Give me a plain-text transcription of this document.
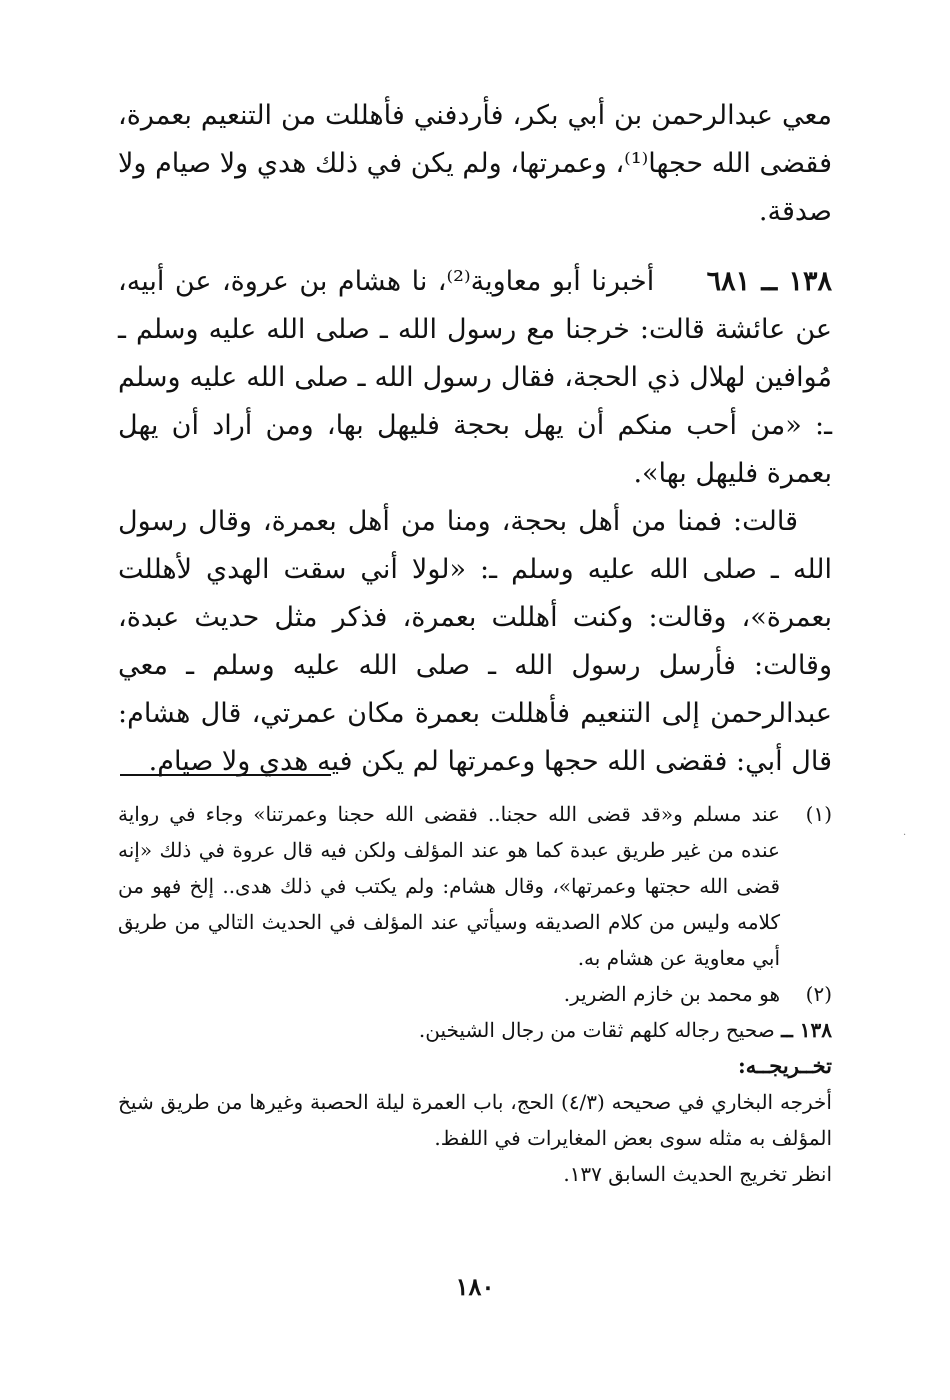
معي عبدالرحمن بن أبي بكر، فأردفني فأهللت من التنعيم بعمرة، فقضى الله حجها⁽¹⁾، وعمرتها، ولم يكن في ذلك هدي ولا صيام ولا صدقة.

١٣٨ ــ ٦٨١     أخبرنا أبو معاوية⁽²⁾، نا هشام بن عروة، عن أبيه، عن عائشة قالت: خرجنا مع رسول الله ـ صلى الله عليه وسلم ـ مُوافين لهلال ذي الحجة، فقال رسول الله ـ صلى الله عليه وسلم ـ: «من أحب منكم أن يهل بحجة فليهل بها، ومن أراد أن يهل بعمرة فليهل بها».

قالت: فمنا من أهل بحجة، ومنا من أهل بعمرة، وقال رسول الله ـ صلى الله عليه وسلم ـ: «لولا أني سقت الهدي لأهللت بعمرة»، وقالت: وكنت أهللت بعمرة، فذكر مثل حديث عبدة، وقالت: فأرسل رسول الله ـ صلى الله عليه وسلم ـ معي عبدالرحمن إلى التنعيم فأهللت بعمرة مكان عمرتي، قال هشام: قال أبي: فقضى الله حجها وعمرتها لم يكن فيه هدي ولا صيام.

(١)
عند مسلم و«قد قضى الله حجنا.. فقضى الله حجنا وعمرتنا» وجاء في رواية عنده من غير طريق عبدة كما هو عند المؤلف ولكن فيه قال عروة في ذلك «إنه قضى الله حجتها وعمرتها»، وقال هشام: ولم يكتب في ذلك هدى.. إلخ فهو من كلامه وليس من كلام الصديقه وسيأتي عند المؤلف في الحديث التالي من طريق أبي معاوية عن هشام به.
(٢)
هو محمد بن خازم الضرير.
١٣٨ ــ صحيح رجاله كلهم ثقات من رجال الشيخين.
تخــريجــه:
أخرجه البخاري في صحيحه (٤/٣) الحج، باب العمرة ليلة الحصبة وغيرها من طريق شيخ المؤلف به مثله سوى بعض المغايرات في اللفظ.
انظر تخريج الحديث السابق ١٣٧.
١٨٠
·
